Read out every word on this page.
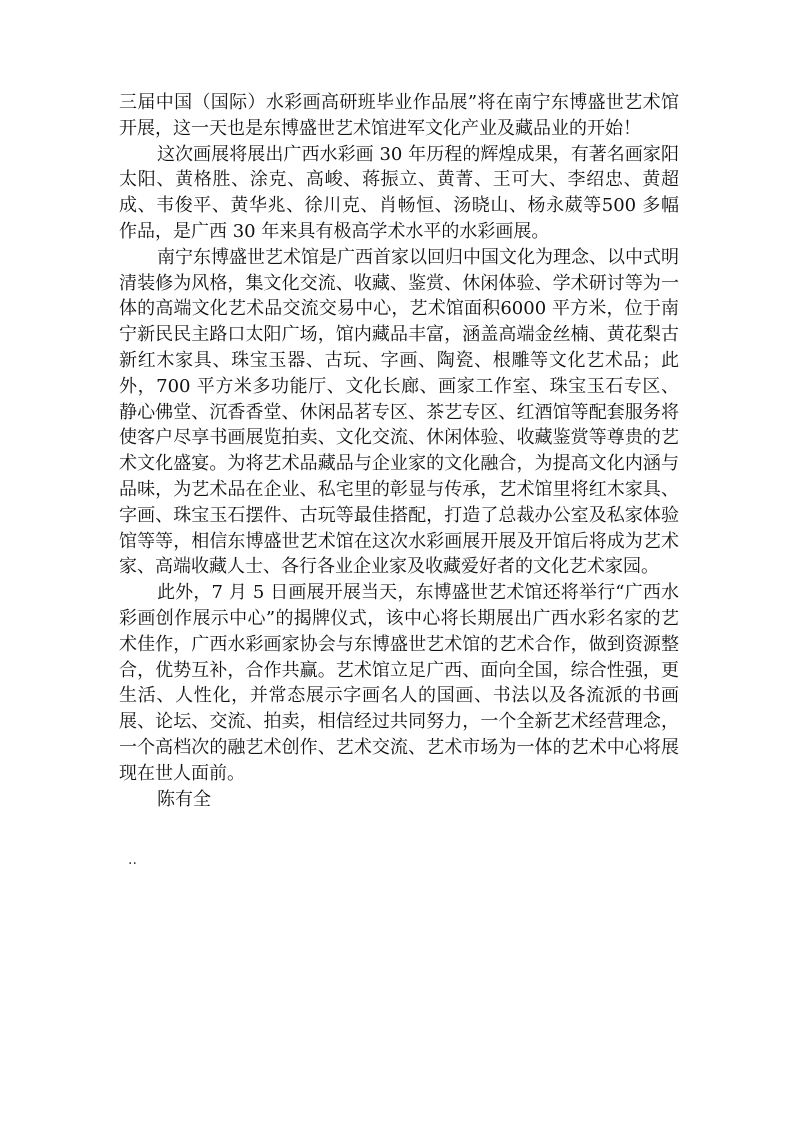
三届中国（国际）水彩画高研班毕业作品展”将在南宁东博盛世艺术馆开展，这一天也是东博盛世艺术馆进军文化产业及藏品业的开始！

这次画展将展出广西水彩画 30 年历程的辉煌成果，有著名画家阳太阳、黄格胜、涂克、高峻、蒋振立、黄菁、王可大、李绍忠、黄超成、韦俊平、黄华兆、徐川克、肖畅恒、汤晓山、杨永葳等500 多幅作品，是广西 30 年来具有极高学术水平的水彩画展。

南宁东博盛世艺术馆是广西首家以回归中国文化为理念、以中式明清装修为风格，集文化交流、收藏、鉴赏、休闲体验、学术研讨等为一体的高端文化艺术品交流交易中心，艺术馆面积6000 平方米，位于南宁新民民主路口太阳广场，馆内藏品丰富，涵盖高端金丝楠、黄花梨古新红木家具、珠宝玉器、古玩、字画、陶瓷、根雕等文化艺术品；此外，700 平方米多功能厅、文化长廊、画家工作室、珠宝玉石专区、静心佛堂、沉香香堂、休闲品茗专区、茶艺专区、红酒馆等配套服务将使客户尽享书画展览拍卖、文化交流、休闲体验、收藏鉴赏等尊贵的艺术文化盛宴。为将艺术品藏品与企业家的文化融合，为提高文化内涵与品味，为艺术品在企业、私宅里的彰显与传承，艺术馆里将红木家具、字画、珠宝玉石摆件、古玩等最佳搭配，打造了总裁办公室及私家体验馆等等，相信东博盛世艺术馆在这次水彩画展开展及开馆后将成为艺术家、高端收藏人士、各行各业企业家及收藏爱好者的文化艺术家园。

此外，7 月 5 日画展开展当天，东博盛世艺术馆还将举行“广西水彩画创作展示中心”的揭牌仪式，该中心将长期展出广西水彩名家的艺术佳作，广西水彩画家协会与东博盛世艺术馆的艺术合作，做到资源整合，优势互补，合作共赢。艺术馆立足广西、面向全国，综合性强，更生活、人性化，并常态展示字画名人的国画、书法以及各流派的书画展、论坛、交流、拍卖，相信经过共同努力，一个全新艺术经营理念，一个高档次的融艺术创作、艺术交流、艺术市场为一体的艺术中心将展现在世人面前。

陈有全

..
